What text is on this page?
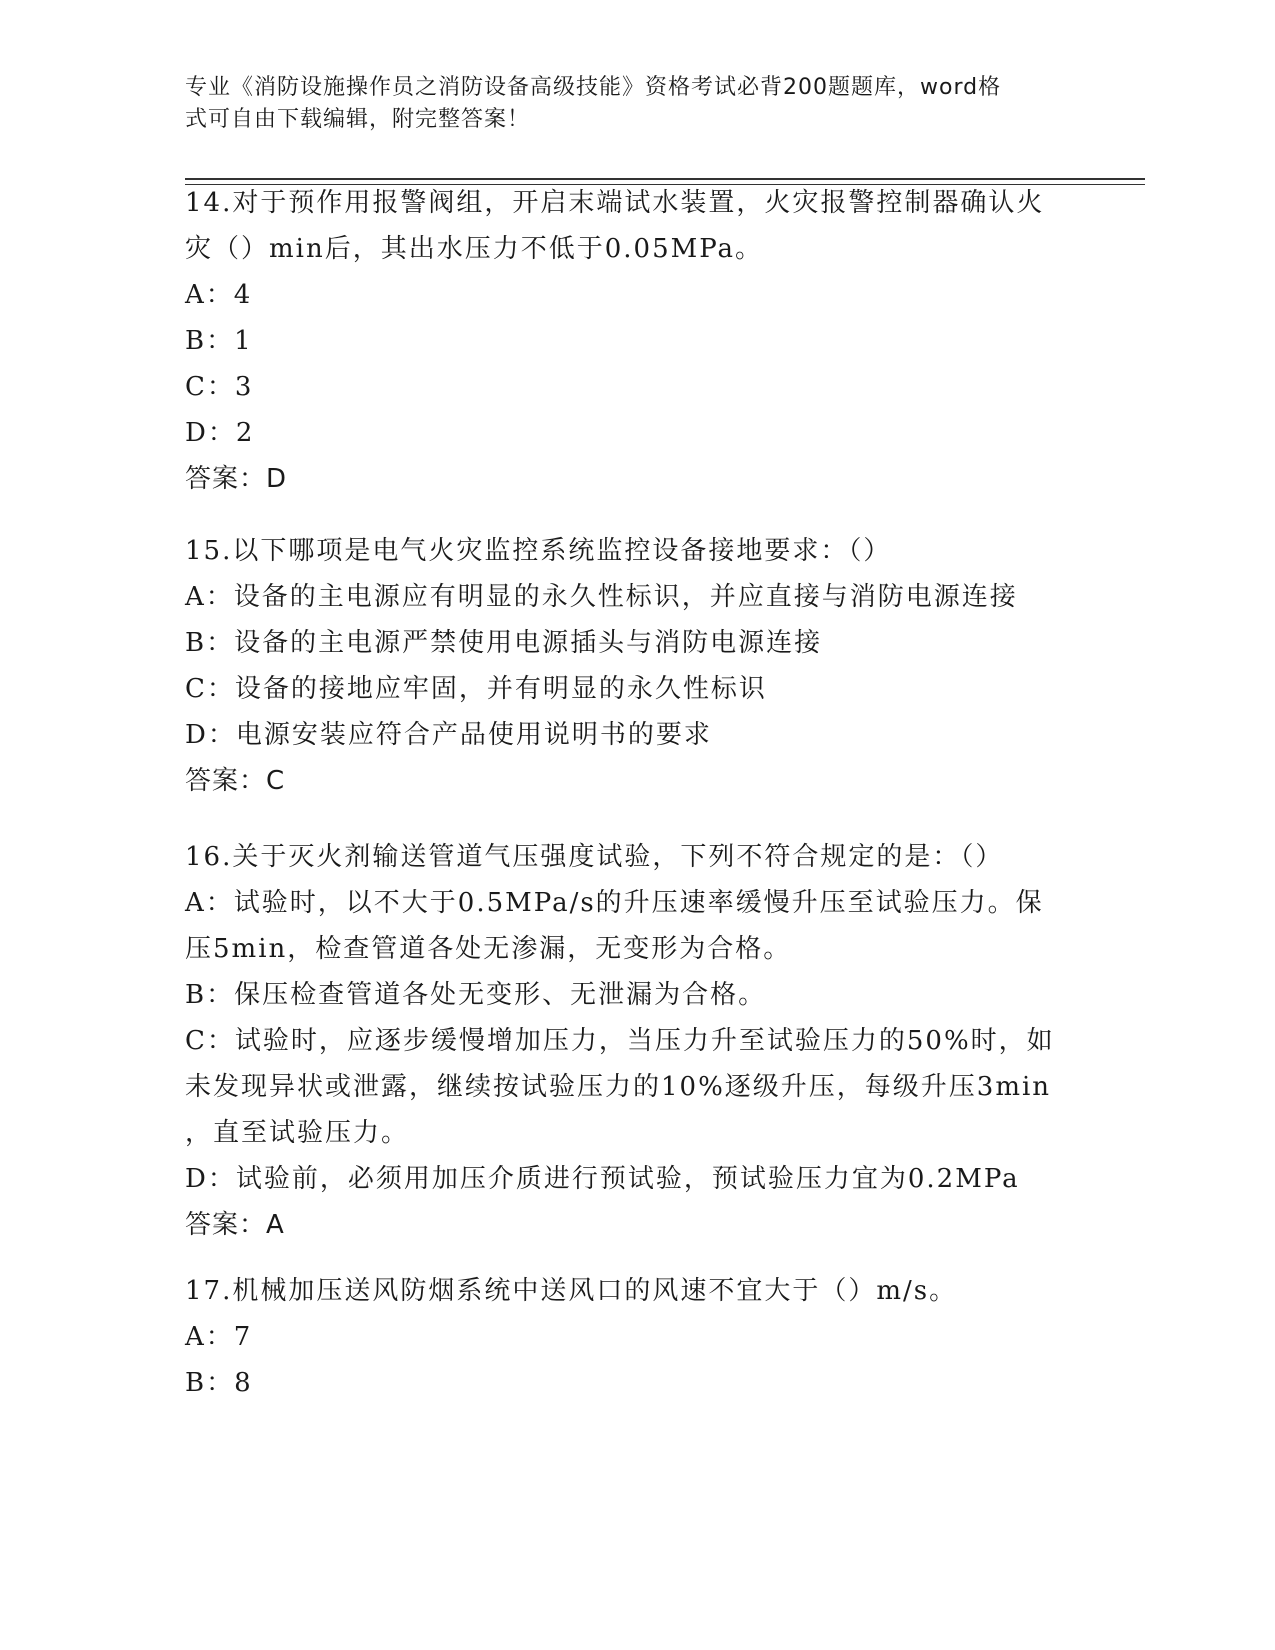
专业《消防设施操作员之消防设备高级技能》资格考试必背200题题库，word格
式可自由下载编辑，附完整答案！
14.对于预作用报警阀组，开启末端试水装置，火灾报警控制器确认火
灾（）min后，其出水压力不低于0.05MPa。
A：4
B：1
C：3
D：2
答案：D
15.以下哪项是电气火灾监控系统监控设备接地要求：（）
A：设备的主电源应有明显的永久性标识，并应直接与消防电源连接
B：设备的主电源严禁使用电源插头与消防电源连接
C：设备的接地应牢固，并有明显的永久性标识
D：电源安装应符合产品使用说明书的要求
答案：C
16.关于灭火剂输送管道气压强度试验，下列不符合规定的是：（）
A：试验时，以不大于0.5MPa/s的升压速率缓慢升压至试验压力。保
压5min，检查管道各处无渗漏，无变形为合格。
B：保压检查管道各处无变形、无泄漏为合格。
C：试验时，应逐步缓慢增加压力，当压力升至试验压力的50%时，如
未发现异状或泄露，继续按试验压力的10%逐级升压，每级升压3min
，直至试验压力。
D：试验前，必须用加压介质进行预试验，预试验压力宜为0.2MPa
答案：A
17.机械加压送风防烟系统中送风口的风速不宜大于（）m/s。
A：7
B：8
